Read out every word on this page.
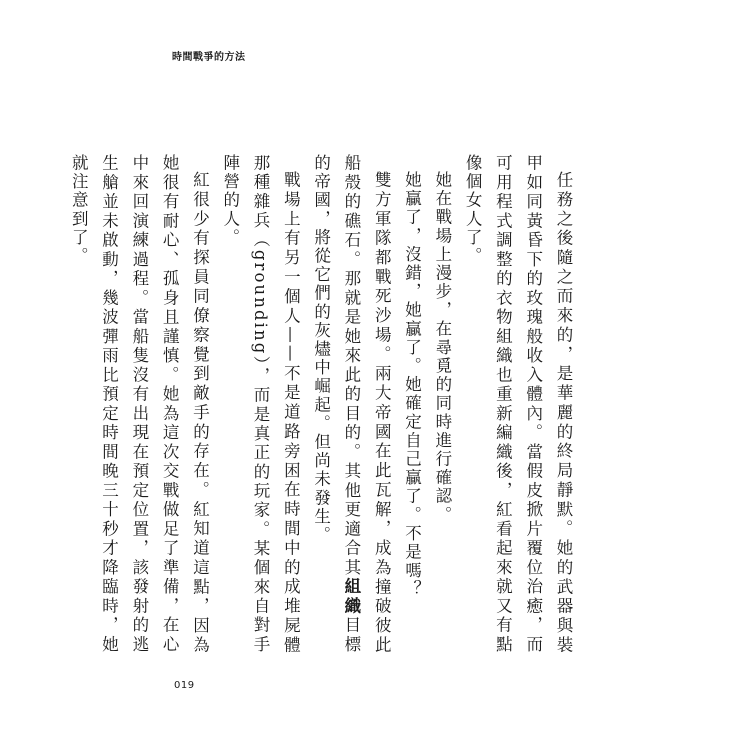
時間戰爭的方法

任務之後隨之而來的，是華麗的終局靜默。她的武器與裝甲如同黃昏下的玫瑰般收入體內。當假皮掀片覆位治癒，而可用程式調整的衣物組織也重新編織後，紅看起來就又有點像個女人了。

她在戰場上漫步，在尋覓的同時進行確認。

她贏了，沒錯，她贏了。她確定自己贏了。不是嗎？

雙方軍隊都戰死沙場。兩大帝國在此瓦解，成為撞破彼此船殼的礁石。那就是她來此的目的。其他更適合其組織目標的帝國，將從它們的灰燼中崛起。但尚未發生。

戰場上有另一個人——不是道路旁困在時間中的成堆屍體那種雜兵（grounding），而是真正的玩家。某個來自對手陣營的人。

紅很少有探員同僚察覺到敵手的存在。紅知道這點，因為她很有耐心、孤身且謹慎。她為這次交戰做足了準備，在心中來回演練過程。當船隻沒有出現在預定位置，該發射的逃生艙並未啟動，幾波彈雨比預定時間晚三十秒才降臨時，她就注意到了。

019
